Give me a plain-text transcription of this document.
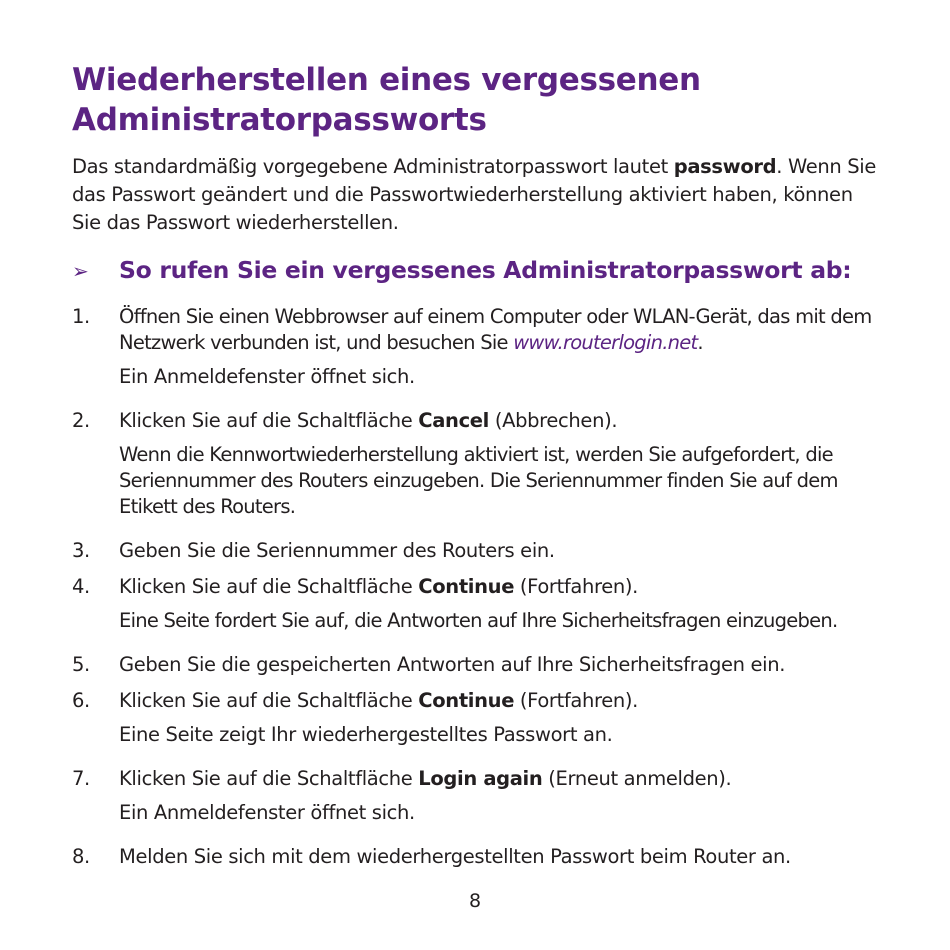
Wiederherstellen eines vergessenen
Administratorpassworts

Das standardmäßig vorgegebene Administratorpasswort lautet password. Wenn Sie das Passwort geändert und die Passwortwiederherstellung aktiviert haben, können Sie das Passwort wiederherstellen.

➢	So rufen Sie ein vergessenes Administratorpasswort ab:
1.	Öffnen Sie einen Webbrowser auf einem Computer oder WLAN-Gerät, das mit dem Netzwerk verbunden ist, und besuchen Sie www.routerlogin.net.

Ein Anmeldefenster öffnet sich.

2.	Klicken Sie auf die Schaltfläche Cancel (Abbrechen).

Wenn die Kennwortwiederherstellung aktiviert ist, werden Sie aufgefordert, die Seriennummer des Routers einzugeben. Die Seriennummer finden Sie auf dem Etikett des Routers.

3.	Geben Sie die Seriennummer des Routers ein.

4.	Klicken Sie auf die Schaltfläche Continue (Fortfahren).

Eine Seite fordert Sie auf, die Antworten auf Ihre Sicherheitsfragen einzugeben.

5.	Geben Sie die gespeicherten Antworten auf Ihre Sicherheitsfragen ein.

6.	Klicken Sie auf die Schaltfläche Continue (Fortfahren).

Eine Seite zeigt Ihr wiederhergestelltes Passwort an.

7.	Klicken Sie auf die Schaltfläche Login again (Erneut anmelden).

Ein Anmeldefenster öffnet sich.

8.	Melden Sie sich mit dem wiederhergestellten Passwort beim Router an.

8
